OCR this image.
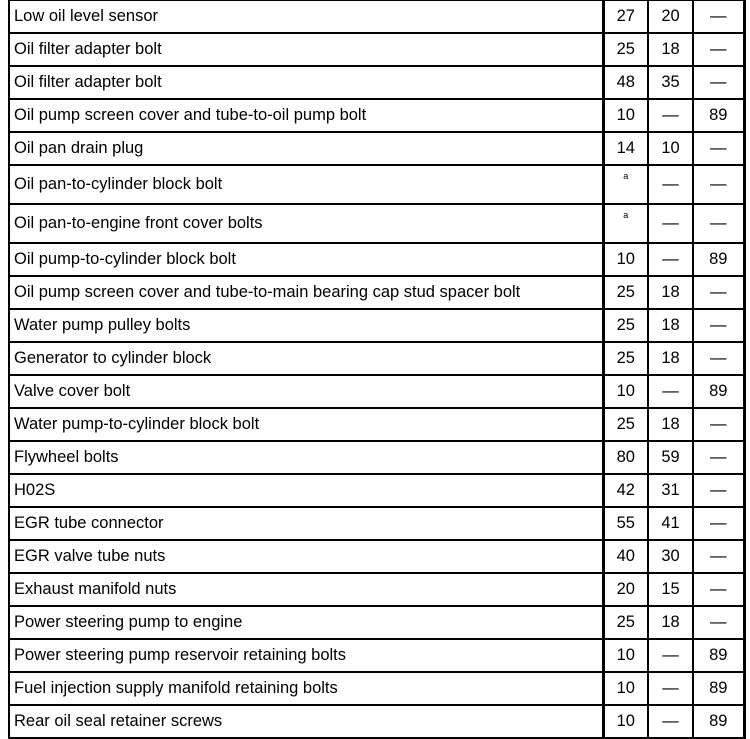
Low oil level sensor	27	20	—
Oil filter adapter bolt	25	18	—
Oil filter adapter bolt	48	35	—
Oil pump screen cover and tube-to-oil pump bolt	10	—	89
Oil pan drain plug	14	10	—
Oil pan-to-cylinder block bolt	a	—	—
Oil pan-to-engine front cover bolts	a	—	—
Oil pump-to-cylinder block bolt	10	—	89
Oil pump screen cover and tube-to-main bearing cap stud spacer bolt	25	18	—
Water pump pulley bolts	25	18	—
Generator to cylinder block	25	18	—
Valve cover bolt	10	—	89
Water pump-to-cylinder block bolt	25	18	—
Flywheel bolts	80	59	—
H02S	42	31	—
EGR tube connector	55	41	—
EGR valve tube nuts	40	30	—
Exhaust manifold nuts	20	15	—
Power steering pump to engine	25	18	—
Power steering pump reservoir retaining bolts	10	—	89
Fuel injection supply manifold retaining bolts	10	—	89
Rear oil seal retainer screws	10	—	89
